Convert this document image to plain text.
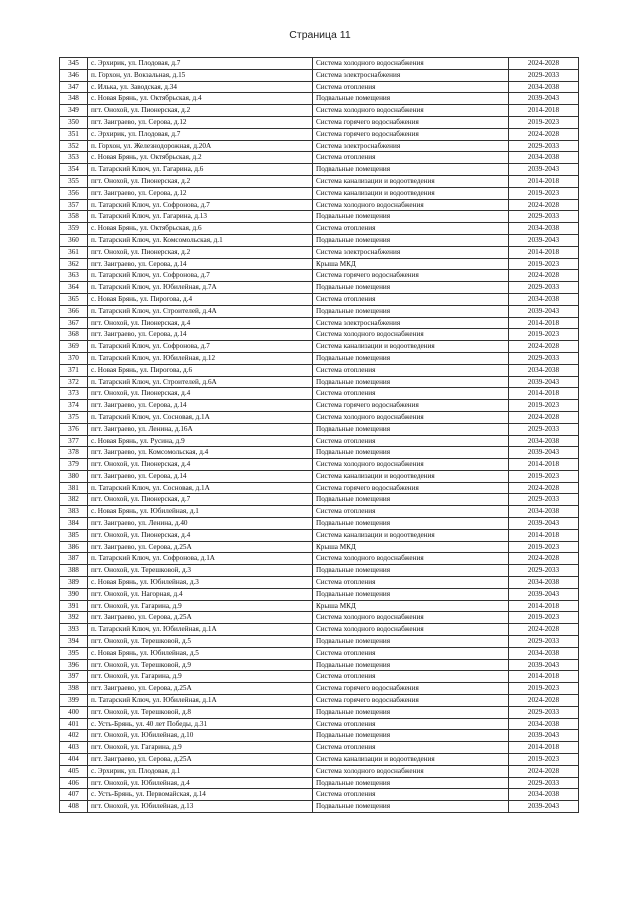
Страница 11
345	с. Эрхирик, ул. Плодовая, д.7	Система холодного водоснабжения	2024-2028
346	п. Горхон, ул. Вокзальная, д.15	Система электроснабжения	2029-2033
347	с. Илька, ул. Заводская, д.34	Система отопления	2034-2038
348	с. Новая Брянь, ул. Октябрьская, д.4	Подвальные помещения	2039-2043
349	пгт. Онохой, ул. Пионерская, д.2	Система холодного водоснабжения	2014-2018
350	пгт. Заиграево, ул. Серова, д.12	Система горячего водоснабжения	2019-2023
351	с. Эрхирик, ул. Плодовая, д.7	Система горячего водоснабжения	2024-2028
352	п. Горхон, ул. Железнодорожная, д.20А	Система электроснабжения	2029-2033
353	с. Новая Брянь, ул. Октябрьская, д.2	Система отопления	2034-2038
354	п. Татарский Ключ, ул. Гагарина, д.6	Подвальные помещения	2039-2043
355	пгт. Онохой, ул. Пионерская, д.2	Система канализации и водоотведения	2014-2018
356	пгт. Заиграево, ул. Серова, д.12	Система канализации и водоотведения	2019-2023
357	п. Татарский Ключ, ул. Софронова, д.7	Система холодного водоснабжения	2024-2028
358	п. Татарский Ключ, ул. Гагарина, д.13	Подвальные помещения	2029-2033
359	с. Новая Брянь, ул. Октябрьская, д.6	Система отопления	2034-2038
360	п. Татарский Ключ, ул. Комсомольская, д.1	Подвальные помещения	2039-2043
361	пгт. Онохой, ул. Пионерская, д.2	Система электроснабжения	2014-2018
362	пгт. Заиграево, ул. Серова, д.14	Крыша МКД	2019-2023
363	п. Татарский Ключ, ул. Софронова, д.7	Система горячего водоснабжения	2024-2028
364	п. Татарский Ключ, ул. Юбилейная, д.7А	Подвальные помещения	2029-2033
365	с. Новая Брянь, ул. Пирогова, д.4	Система отопления	2034-2038
366	п. Татарский Ключ, ул. Строителей, д.4А	Подвальные помещения	2039-2043
367	пгт. Онохой, ул. Пионерская, д.4	Система электроснабжения	2014-2018
368	пгт. Заиграево, ул. Серова, д.14	Система холодного водоснабжения	2019-2023
369	п. Татарский Ключ, ул. Софронова, д.7	Система канализации и водоотведения	2024-2028
370	п. Татарский Ключ, ул. Юбилейная, д.12	Подвальные помещения	2029-2033
371	с. Новая Брянь, ул. Пирогова, д.6	Система отопления	2034-2038
372	п. Татарский Ключ, ул. Строителей, д.6А	Подвальные помещения	2039-2043
373	пгт. Онохой, ул. Пионерская, д.4	Система отопления	2014-2018
374	пгт. Заиграево, ул. Серова, д.14	Система горячего водоснабжения	2019-2023
375	п. Татарский Ключ, ул. Сосновая, д.1А	Система холодного водоснабжения	2024-2028
376	пгт. Заиграево, ул. Ленина, д.16А	Подвальные помещения	2029-2033
377	с. Новая Брянь, ул. Русина, д.9	Система отопления	2034-2038
378	пгт. Заиграево, ул. Комсомольская, д.4	Подвальные помещения	2039-2043
379	пгт. Онохой, ул. Пионерская, д.4	Система холодного водоснабжения	2014-2018
380	пгт. Заиграево, ул. Серова, д.14	Система канализации и водоотведения	2019-2023
381	п. Татарский Ключ, ул. Сосновая, д.1А	Система горячего водоснабжения	2024-2028
382	пгт. Онохой, ул. Пионерская, д.7	Подвальные помещения	2029-2033
383	с. Новая Брянь, ул. Юбилейная, д.1	Система отопления	2034-2038
384	пгт. Заиграево, ул. Ленина, д.40	Подвальные помещения	2039-2043
385	пгт. Онохой, ул. Пионерская, д.4	Система канализации и водоотведения	2014-2018
386	пгт. Заиграево, ул. Серова, д.25А	Крыша МКД	2019-2023
387	п. Татарский Ключ, ул. Софронова, д.1А	Система холодного водоснабжения	2024-2028
388	пгт. Онохой, ул. Терешковой, д.3	Подвальные помещения	2029-2033
389	с. Новая Брянь, ул. Юбилейная, д.3	Система отопления	2034-2038
390	пгт. Онохой, ул. Нагорная, д.4	Подвальные помещения	2039-2043
391	пгт. Онохой, ул. Гагарина, д.9	Крыша МКД	2014-2018
392	пгт. Заиграево, ул. Серова, д.25А	Система холодного водоснабжения	2019-2023
393	п. Татарский Ключ, ул. Юбилейная, д.1А	Система холодного водоснабжения	2024-2028
394	пгт. Онохой, ул. Терешковой, д.5	Подвальные помещения	2029-2033
395	с. Новая Брянь, ул. Юбилейная, д.5	Система отопления	2034-2038
396	пгт. Онохой, ул. Терешковой, д.9	Подвальные помещения	2039-2043
397	пгт. Онохой, ул. Гагарина, д.9	Система отопления	2014-2018
398	пгт. Заиграево, ул. Серова, д.25А	Система горячего водоснабжения	2019-2023
399	п. Татарский Ключ, ул. Юбилейная, д.1А	Система горячего водоснабжения	2024-2028
400	пгт. Онохой, ул. Терешковой, д.8	Подвальные помещения	2029-2033
401	с. Усть-Брянь, ул. 40 лет Победы, д.31	Система отопления	2034-2038
402	пгт. Онохой, ул. Юбилейная, д.10	Подвальные помещения	2039-2043
403	пгт. Онохой, ул. Гагарина, д.9	Система отопления	2014-2018
404	пгт. Заиграево, ул. Серова, д.25А	Система канализации и водоотведения	2019-2023
405	с. Эрхирик, ул. Плодовая, д.1	Система холодного водоснабжения	2024-2028
406	пгт. Онохой, ул. Юбилейная, д.4	Подвальные помещения	2029-2033
407	с. Усть-Брянь, ул. Первомайская, д.14	Система отопления	2034-2038
408	пгт. Онохой, ул. Юбилейная, д.13	Подвальные помещения	2039-2043
